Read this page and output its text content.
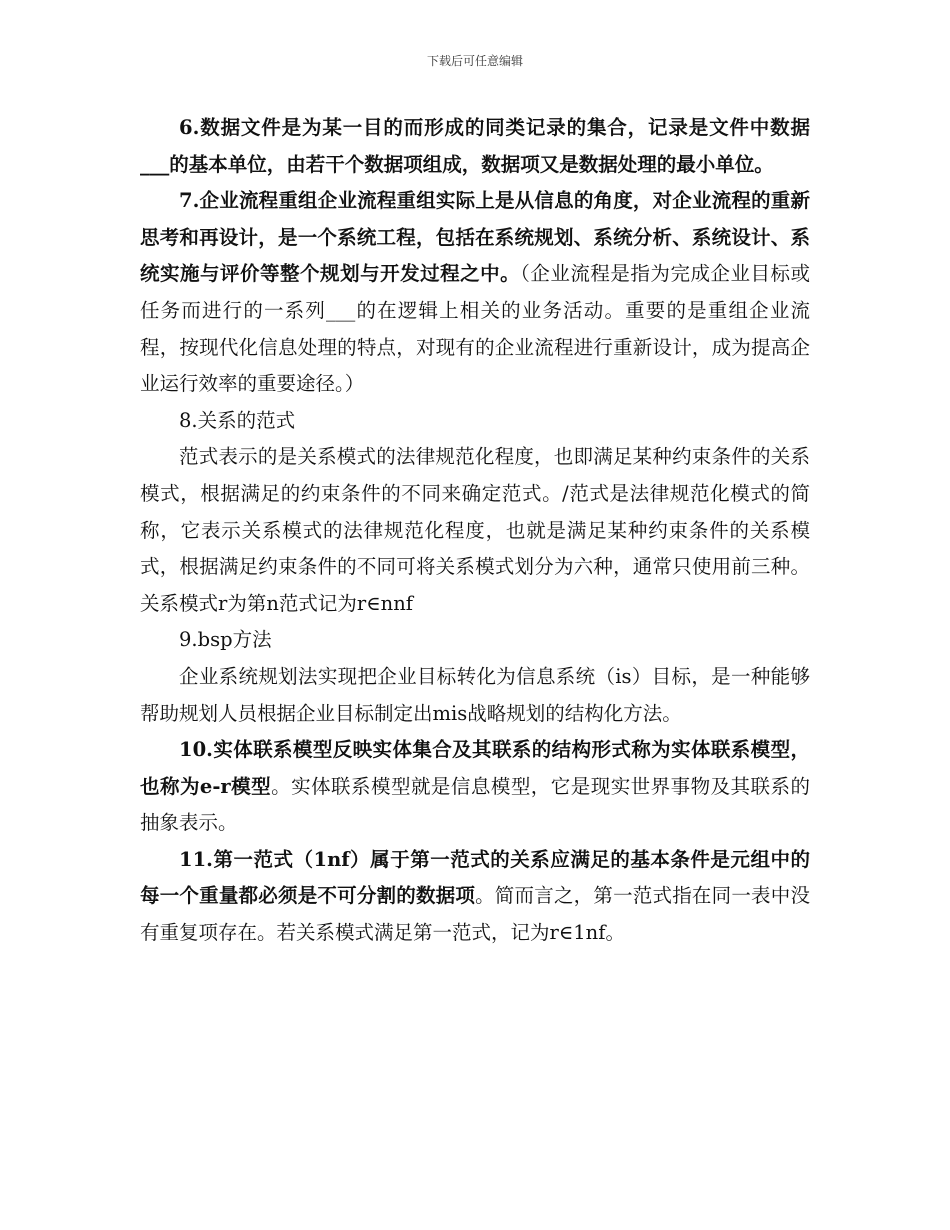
下载后可任意编辑

6.数据文件是为某一目的而形成的同类记录的集合，记录是文件中数据___的基本单位，由若干个数据项组成，数据项又是数据处理的最小单位。

7.企业流程重组企业流程重组实际上是从信息的角度，对企业流程的重新思考和再设计，是一个系统工程，包括在系统规划、系统分析、系统设计、系统实施与评价等整个规划与开发过程之中。（企业流程是指为完成企业目标或任务而进行的一系列___的在逻辑上相关的业务活动。重要的是重组企业流程，按现代化信息处理的特点，对现有的企业流程进行重新设计，成为提高企业运行效率的重要途径。）

8.关系的范式

范式表示的是关系模式的法律规范化程度，也即满足某种约束条件的关系模式，根据满足的约束条件的不同来确定范式。/范式是法律规范化模式的简称，它表示关系模式的法律规范化程度，也就是满足某种约束条件的关系模式，根据满足约束条件的不同可将关系模式划分为六种，通常只使用前三种。关系模式r为第n范式记为r∈nnf

9.bsp方法

企业系统规划法实现把企业目标转化为信息系统（is）目标，是一种能够帮助规划人员根据企业目标制定出mis战略规划的结构化方法。

10.实体联系模型反映实体集合及其联系的结构形式称为实体联系模型，也称为e-r模型。实体联系模型就是信息模型，它是现实世界事物及其联系的抽象表示。

11.第一范式（1nf）属于第一范式的关系应满足的基本条件是元组中的每一个重量都必须是不可分割的数据项。简而言之，第一范式指在同一表中没有重复项存在。若关系模式满足第一范式，记为r∈1nf。
